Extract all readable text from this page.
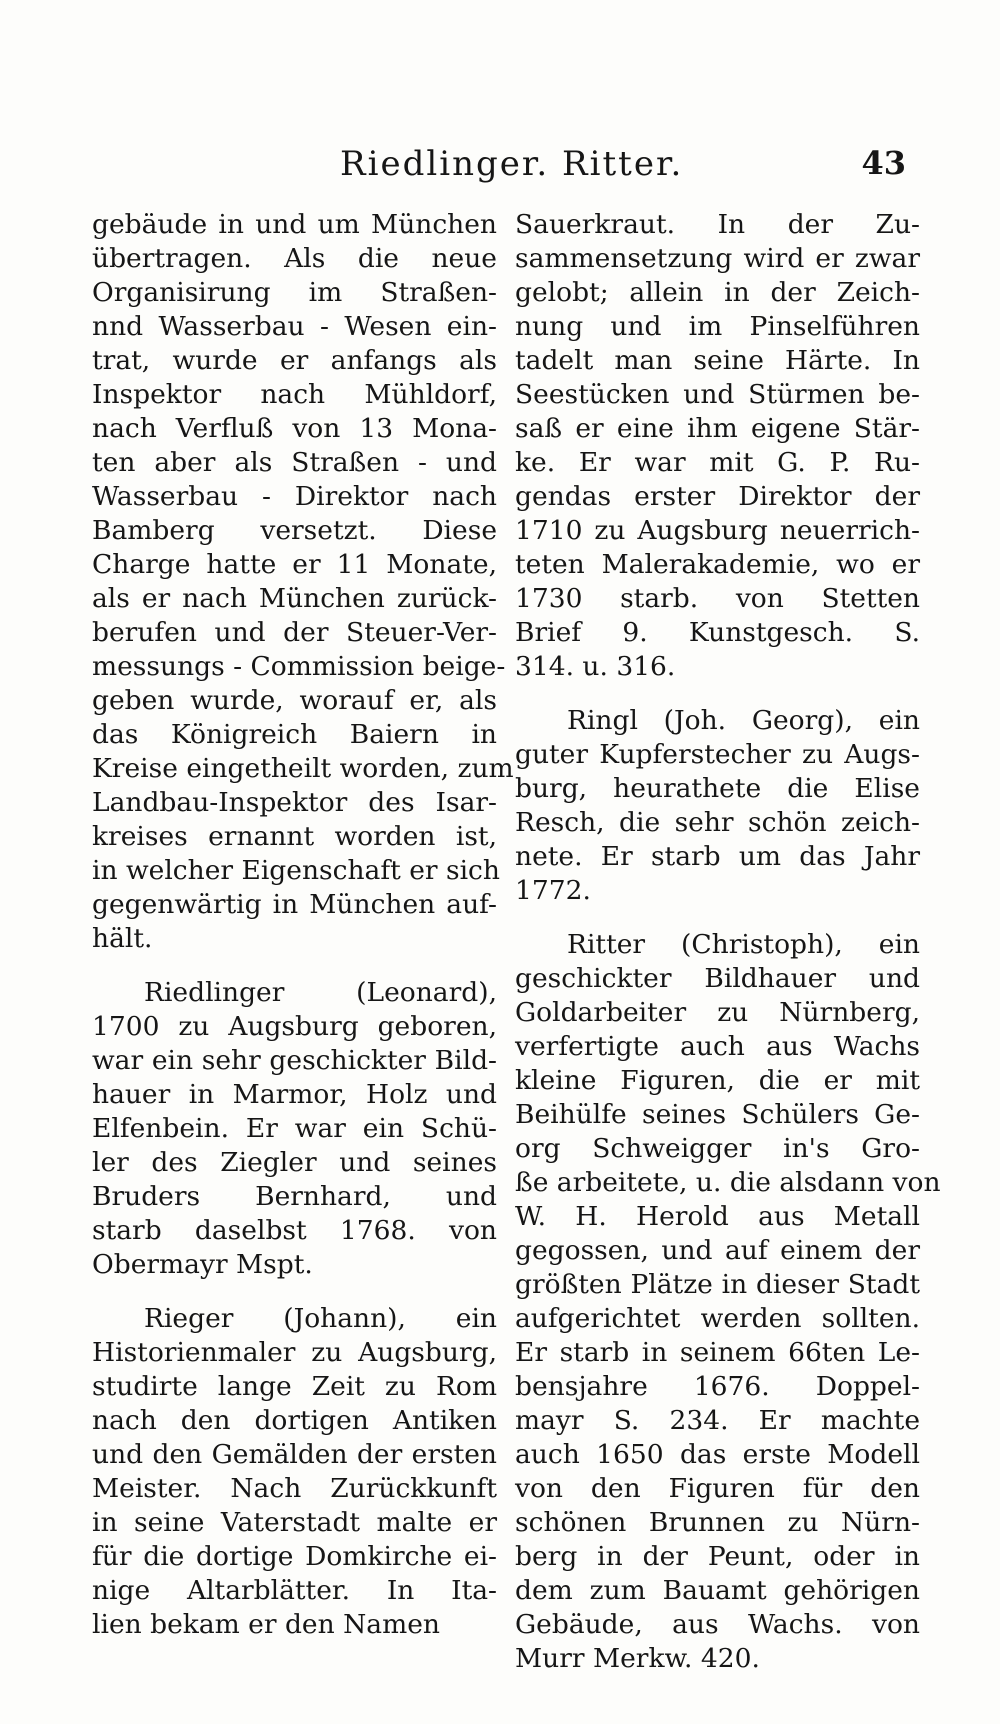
Riedlinger. Ritter.	43
gebäude in und um München
übertragen. Als die neue
Organisirung im Straßen-
nnd Wasserbau - Wesen ein-
trat, wurde er anfangs als
Inspektor nach Mühldorf,
nach Verfluß von 13 Mona-
ten aber als Straßen - und
Wasserbau - Direktor nach
Bamberg versetzt. Diese
Charge hatte er 11 Monate,
als er nach München zurück-
berufen und der Steuer-Ver-
messungs - Commission beige-
geben wurde, worauf er, als
das Königreich Baiern in
Kreise eingetheilt worden, zum
Landbau-Inspektor des Isar-
kreises ernannt worden ist,
in welcher Eigenschaft er sich
gegenwärtig in München auf-
hält.
Riedlinger (Leonard),
1700 zu Augsburg geboren,
war ein sehr geschickter Bild-
hauer in Marmor, Holz und
Elfenbein. Er war ein Schü-
ler des Ziegler und seines
Bruders Bernhard, und
starb daselbst 1768. von
Obermayr Mspt.
Rieger (Johann), ein
Historienmaler zu Augsburg,
studirte lange Zeit zu Rom
nach den dortigen Antiken
und den Gemälden der ersten
Meister. Nach Zurückkunft
in seine Vaterstadt malte er
für die dortige Domkirche ei-
nige Altarblätter. In Ita-
lien bekam er den Namen
Sauerkraut. In der Zu-
sammensetzung wird er zwar
gelobt; allein in der Zeich-
nung und im Pinselführen
tadelt man seine Härte. In
Seestücken und Stürmen be-
saß er eine ihm eigene Stär-
ke. Er war mit G. P. Ru-
gendas erster Direktor der
1710 zu Augsburg neuerrich-
teten Malerakademie, wo er
1730 starb. von Stetten
Brief 9. Kunstgesch. S.
314. u. 316.
Ringl (Joh. Georg), ein
guter Kupferstecher zu Augs-
burg, heurathete die Elise
Resch, die sehr schön zeich-
nete. Er starb um das Jahr
1772.
Ritter (Christoph), ein
geschickter Bildhauer und
Goldarbeiter zu Nürnberg,
verfertigte auch aus Wachs
kleine Figuren, die er mit
Beihülfe seines Schülers Ge-
org Schweigger in's Gro-
ße arbeitete, u. die alsdann von
W. H. Herold aus Metall
gegossen, und auf einem der
größten Plätze in dieser Stadt
aufgerichtet werden sollten.
Er starb in seinem 66ten Le-
bensjahre 1676. Doppel-
mayr S. 234. Er machte
auch 1650 das erste Modell
von den Figuren für den
schönen Brunnen zu Nürn-
berg in der Peunt, oder in
dem zum Bauamt gehörigen
Gebäude, aus Wachs. von
Murr Merkw. 420.
